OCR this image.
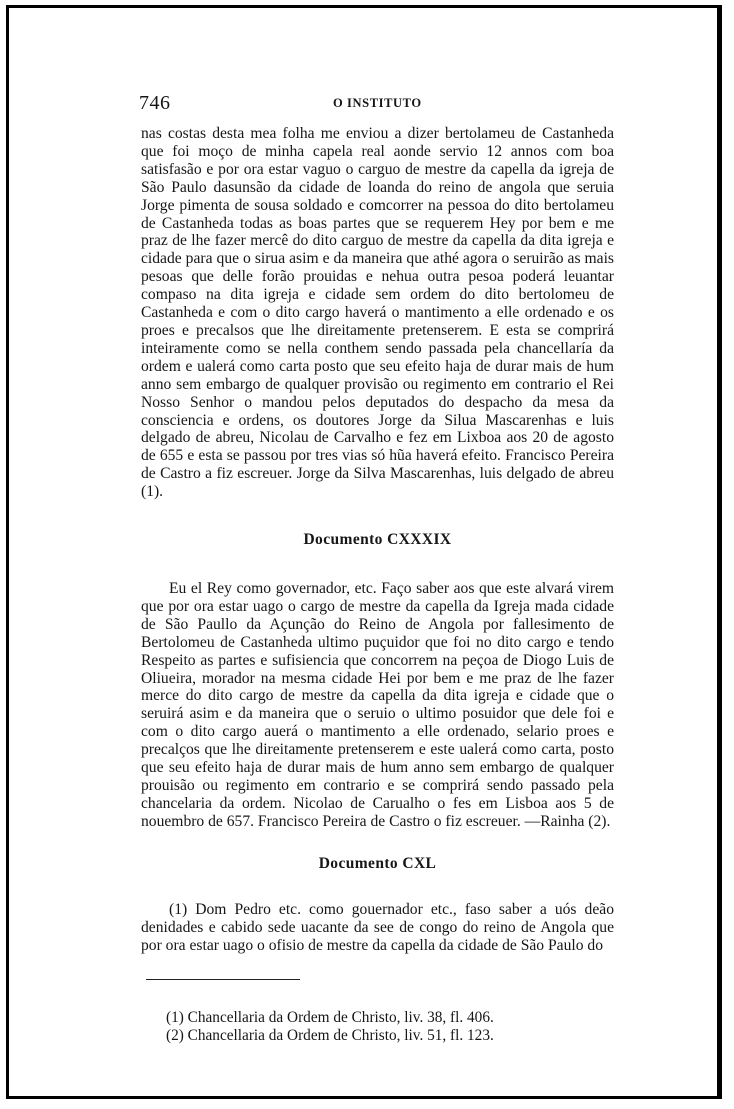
746	O INSTITUTO

nas costas desta mea folha me enviou a dizer bertolameu de Castanheda que foi moço de minha capela real aonde servio 12 annos com boa satisfasão e por ora estar vaguo o carguo de mestre da capella da igreja de São Paulo dasunsão da cidade de loanda do reino de angola que seruia Jorge pimenta de sousa soldado e comcorrer na pessoa do dito bertolameu de Castanheda todas as boas partes que se requerem Hey por bem e me praz de lhe fazer mercê do dito carguo de mestre da capella da dita igreja e cidade para que o sirua asim e da maneira que athé agora o seruirão as mais pesoas que delle forão prouidas e nehua outra pesoa poderá leuantar compaso na dita igreja e cidade sem ordem do dito bertolomeu de Castanheda e com o dito cargo haverá o mantimento a elle ordenado e os proes e precalsos que lhe direitamente pretenserem. E esta se comprirá inteiramente como se nella conthem sendo passada pela chancellaría da ordem e ualerá como carta posto que seu efeito haja de durar mais de hum anno sem embargo de qualquer provisão ou regimento em contrario el Rei Nosso Senhor o mandou pelos deputados do despacho da mesa da consciencia e ordens, os doutores Jorge da Silua Mascarenhas e luis delgado de abreu, Nicolau de Carvalho e fez em Lixboa aos 20 de agosto de 655 e esta se passou por tres vias só hũa haverá efeito. Francisco Pereira de Castro a fiz escreuer. Jorge da Silva Mascarenhas, luis delgado de abreu (1).

Documento CXXXIX

Eu el Rey como governador, etc. Faço saber aos que este alvará virem que por ora estar uago o cargo de mestre da capella da Igreja mada cidade de São Paullo da Açunção do Reino de Angola por fallesimento de Bertolomeu de Castanheda ultimo puçuidor que foi no dito cargo e tendo Respeito as partes e sufisiencia que concorrem na peçoa de Diogo Luis de Oliueira, morador na mesma cidade Hei por bem e me praz de lhe fazer merce do dito cargo de mestre da capella da dita igreja e cidade que o seruirá asim e da maneira que o seruio o ultimo posuidor que dele foi e com o dito cargo auerá o mantimento a elle ordenado, selario proes e precalços que lhe direitamente pretenserem e este ualerá como carta, posto que seu efeito haja de durar mais de hum anno sem embargo de qualquer prouisão ou regimento em contrario e se comprirá sendo passado pela chancelaria da ordem. Nicolao de Carualho o fes em Lisboa aos 5 de nouembro de 657. Francisco Pereira de Castro o fiz escreuer. —Rainha (2).

Documento CXL

(1) Dom Pedro etc. como gouernador etc., faso saber a uós deão denidades e cabido sede uacante da see de congo do reino de Angola que por ora estar uago o ofisio de mestre da capella da cidade de São Paulo do

(1) Chancellaria da Ordem de Christo, liv. 38, fl. 406.

(2) Chancellaria da Ordem de Christo, liv. 51, fl. 123.
